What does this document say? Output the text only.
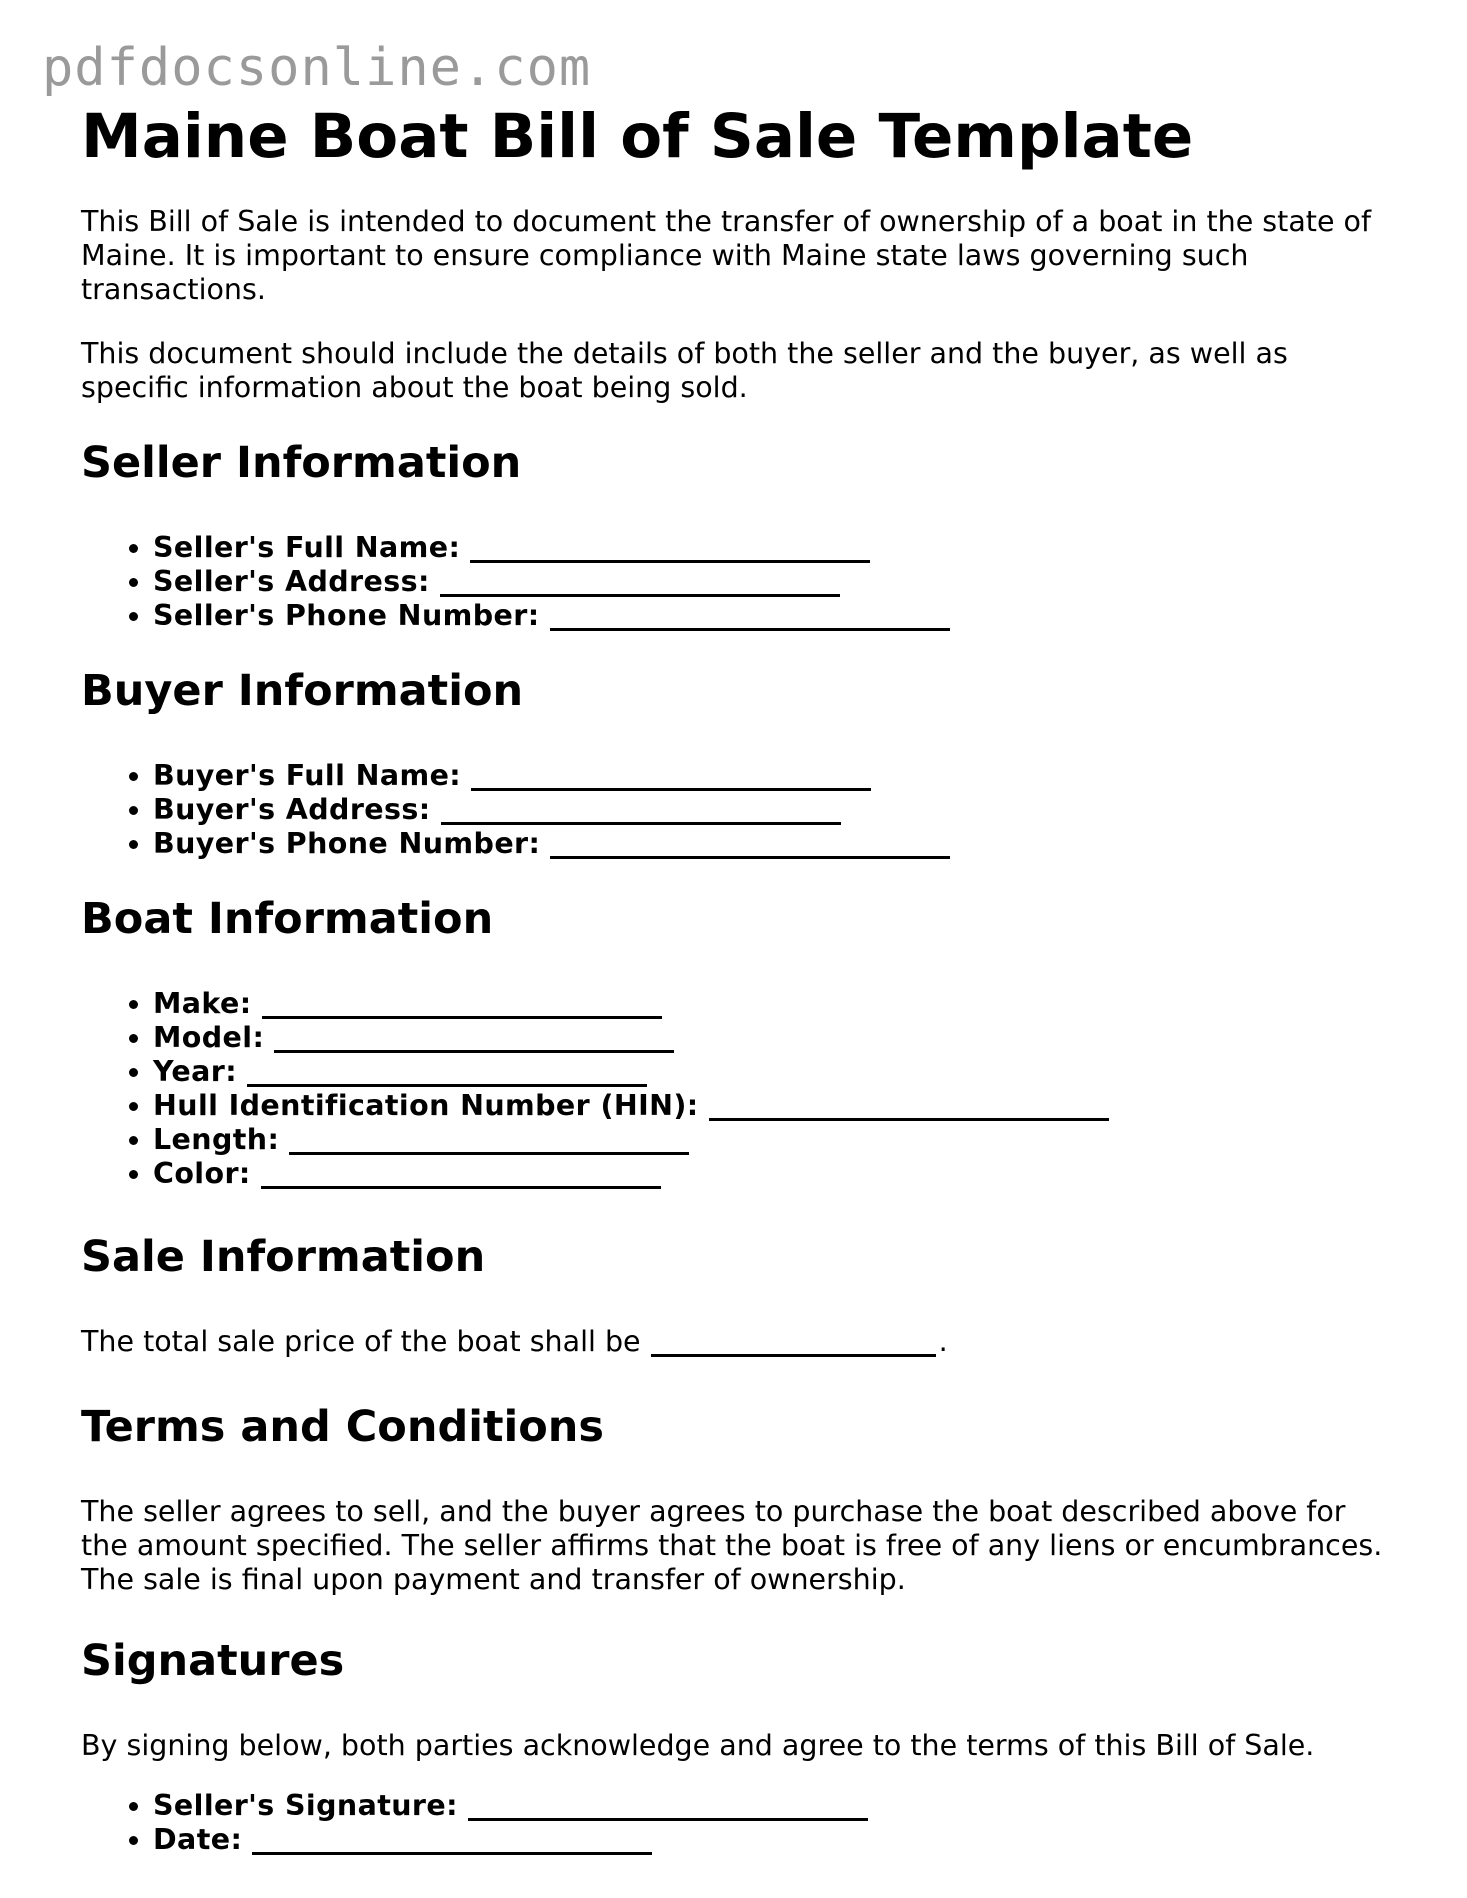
pdfdocsonline.com
Maine Boat Bill of Sale Template

This Bill of Sale is intended to document the transfer of ownership of a boat in the state of Maine. It is important to ensure compliance with Maine state laws governing such transactions.

This document should include the details of both the seller and the buyer, as well as specific information about the boat being sold.

Seller Information
• Seller's Full Name:
• Seller's Address:
• Seller's Phone Number:
Buyer Information
• Buyer's Full Name:
• Buyer's Address:
• Buyer's Phone Number:
Boat Information
• Make:
• Model:
• Year:
• Hull Identification Number (HIN):
• Length:
• Color:
Sale Information

The total sale price of the boat shall be	.

Terms and Conditions

The seller agrees to sell, and the buyer agrees to purchase the boat described above for the amount specified. The seller affirms that the boat is free of any liens or encumbrances. The sale is final upon payment and transfer of ownership.

Signatures

By signing below, both parties acknowledge and agree to the terms of this Bill of Sale.

• Seller's Signature:
• Date:
